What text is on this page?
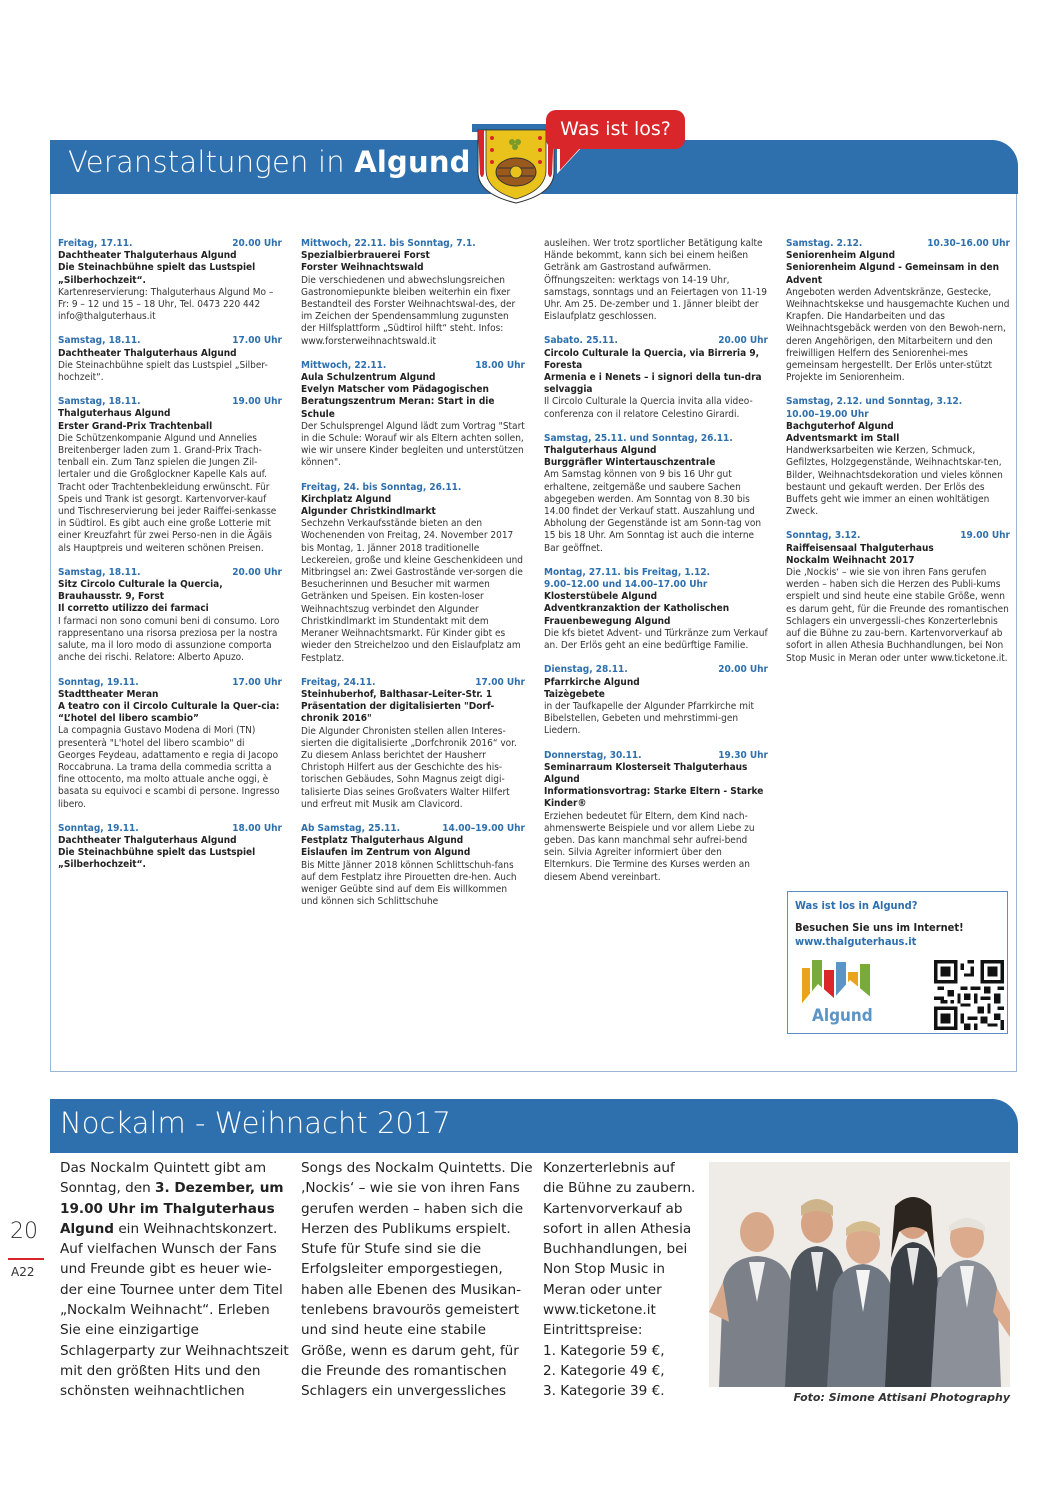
Veranstaltungen in Algund
Was ist los?
Freitag, 17.11.	20.00 Uhr
Dachtheater Thalguterhaus Algund
Die Steinachbühne spielt das Lustspiel „Silberhochzeit“.
Kartenreservierung: Thalguterhaus Algund Mo – Fr: 9 – 12 und 15 – 18 Uhr, Tel. 0473 220 442 info@thalguterhaus.it
Samstag, 18.11.	17.00 Uhr
Dachtheater Thalguterhaus Algund
Die Steinachbühne spielt das Lustspiel „Silber-hochzeit“.
Samstag, 18.11.	19.00 Uhr
Thalguterhaus Algund
Erster Grand-Prix Trachtenball
Die Schützenkompanie Algund und Annelies Breitenberger laden zum 1. Grand-Prix Trach-tenball ein. Zum Tanz spielen die Jungen Zil-lertaler und die Großglockner Kapelle Kals auf. Tracht oder Trachtenbekleidung erwünscht. Für Speis und Trank ist gesorgt. Kartenvorver-kauf und Tischreservierung bei jeder Raiffei-senkasse in Südtirol. Es gibt auch eine große Lotterie mit einer Kreuzfahrt für zwei Perso-nen in die Ägäis als Hauptpreis und weiteren schönen Preisen.
Samstag, 18.11.	20.00 Uhr
Sitz Circolo Culturale la Quercia, Brauhausstr. 9, Forst
Il corretto utilizzo dei farmaci
I farmaci non sono comuni beni di consumo. Loro rappresentano una risorsa preziosa per la nostra salute, ma il loro modo di assunzione comporta anche dei rischi. Relatore: Alberto Apuzo.
Sonntag, 19.11.	17.00 Uhr
Stadttheater Meran
A teatro con il Circolo Culturale la Quer-cia: “L’hotel del libero scambio”
La compagnia Gustavo Modena di Mori (TN) presenterà "L'hotel del libero scambio" di Georges Feydeau, adattamento e regia di Jacopo Roccabruna. La trama della commedia scritta a fine ottocento, ma molto attuale anche oggi, è basata su equivoci e scambi di persone. Ingresso libero.
Sonntag, 19.11.	18.00 Uhr
Dachtheater Thalguterhaus Algund
Die Steinachbühne spielt das Lustspiel „Silberhochzeit“.
Mittwoch, 22.11. bis Sonntag, 7.1.
Spezialbierbrauerei Forst
Forster Weihnachtswald
Die verschiedenen und abwechslungsreichen Gastronomiepunkte bleiben weiterhin ein fixer Bestandteil des Forster Weihnachtswal-des, der im Zeichen der Spendensammlung zugunsten der Hilfsplattform „Südtirol hilft“ steht. Infos: www.forsterweihnachtswald.it
Mittwoch, 22.11.	18.00 Uhr
Aula Schulzentrum Algund
Evelyn Matscher vom Pädagogischen Beratungszentrum Meran: Start in die Schule
Der Schulsprengel Algund lädt zum Vortrag "Start in die Schule: Worauf wir als Eltern achten sollen, wie wir unsere Kinder begleiten und unterstützen können".
Freitag, 24. bis Sonntag, 26.11.
Kirchplatz Algund
Algunder Christkindlmarkt
Sechzehn Verkaufsstände bieten an den Wochenenden von Freitag, 24. November 2017 bis Montag, 1. Jänner 2018 traditionelle Leckereien, große und kleine Geschenkideen und Mitbringsel an: Zwei Gastrostände ver-sorgen die Besucherinnen und Besucher mit warmen Getränken und Speisen. Ein kosten-loser Weihnachtszug verbindet den Algunder Christkindlmarkt im Stundentakt mit dem Meraner Weihnachtsmarkt. Für Kinder gibt es wieder den Streichelzoo und den Eislaufplatz am Festplatz.
Freitag, 24.11.	17.00 Uhr
Steinhuberhof, Balthasar-Leiter-Str. 1
Präsentation der digitalisierten "Dorf-chronik 2016"
Die Algunder Chronisten stellen allen Interes-sierten die digitalisierte „Dorfchronik 2016“ vor. Zu diesem Anlass berichtet der Hausherr Christoph Hilfert aus der Geschichte des his-torischen Gebäudes, Sohn Magnus zeigt digi-talisierte Dias seines Großvaters Walter Hilfert und erfreut mit Musik am Clavicord.
Ab Samstag, 25.11.	14.00–19.00 Uhr
Festplatz Thalguterhaus Algund
Eislaufen im Zentrum von Algund
Bis Mitte Jänner 2018 können Schlittschuh-fans auf dem Festplatz ihre Pirouetten dre-hen. Auch weniger Geübte sind auf dem Eis willkommen und können sich Schlittschuhe
ausleihen. Wer trotz sportlicher Betätigung kalte Hände bekommt, kann sich bei einem heißen Getränk am Gastrostand aufwärmen. Öffnungszeiten: werktags von 14-19 Uhr, samstags, sonntags und an Feiertagen von 11-19 Uhr. Am 25. De-zember und 1. Jänner bleibt der Eislaufplatz geschlossen.
Sabato. 25.11.	20.00 Uhr
Circolo Culturale la Quercia, via Birreria 9, Foresta
Armenia e i Nenets – i signori della tun-dra selvaggia
Il Circolo Culturale la Quercia invita alla video-conferenza con il relatore Celestino Girardi.
Samstag, 25.11. und Sonntag, 26.11.
Thalguterhaus Algund
Burggräfler Wintertauschzentrale
Am Samstag können von 9 bis 16 Uhr gut erhaltene, zeitgemäße und saubere Sachen abgegeben werden. Am Sonntag von 8.30 bis 14.00 findet der Verkauf statt. Auszahlung und Abholung der Gegenstände ist am Sonn-tag von 15 bis 18 Uhr. Am Sonntag ist auch die interne Bar geöffnet.
Montag, 27.11. bis Freitag, 1.12.
9.00–12.00 und 14.00–17.00 Uhr
Klosterstübele Algund
Adventkranzaktion der Katholischen Frauenbewegung Algund
Die kfs bietet Advent- und Türkränze zum Verkauf an. Der Erlös geht an eine bedürftige Familie.
Dienstag, 28.11.	20.00 Uhr
Pfarrkirche Algund
Taizègebete
in der Taufkapelle der Algunder Pfarrkirche mit Bibelstellen, Gebeten und mehrstimmi-gen Liedern.
Donnerstag, 30.11.	19.30 Uhr
Seminarraum Klosterseit Thalguterhaus Algund
Informationsvortrag: Starke Eltern - Starke Kinder®
Erziehen bedeutet für Eltern, dem Kind nach-ahmenswerte Beispiele und vor allem Liebe zu geben. Das kann manchmal sehr aufrei-bend sein. Silvia Agreiter informiert über den Elternkurs. Die Termine des Kurses werden an diesem Abend vereinbart.
Samstag. 2.12.	10.30–16.00 Uhr
Seniorenheim Algund
Seniorenheim Algund - Gemeinsam in den Advent
Angeboten werden Adventskränze, Gestecke, Weihnachtskekse und hausgemachte Kuchen und Krapfen. Die Handarbeiten und das Weihnachtsgebäck werden von den Bewoh-nern, deren Angehörigen, den Mitarbeitern und den freiwilligen Helfern des Seniorenhei-mes gemeinsam hergestellt. Der Erlös unter-stützt Projekte im Seniorenheim.
Samstag, 2.12. und Sonntag, 3.12.
10.00–19.00 Uhr
Bachguterhof Algund
Adventsmarkt im Stall
Handwerksarbeiten wie Kerzen, Schmuck, Gefilztes, Holzgegenstände, Weihnachtskar-ten, Bilder, Weihnachtsdekoration und vieles können bestaunt und gekauft werden. Der Erlös des Buffets geht wie immer an einen wohltätigen Zweck.
Sonntag, 3.12.	19.00 Uhr
Raiffeisensaal Thalguterhaus
Nockalm Weihnacht 2017
Die ‚Nockis‘ – wie sie von ihren Fans gerufen werden – haben sich die Herzen des Publi-kums erspielt und sind heute eine stabile Größe, wenn es darum geht, für die Freunde des romantischen Schlagers ein unvergessli-ches Konzerterlebnis auf die Bühne zu zau-bern. Kartenvorverkauf ab sofort in allen Athesia Buchhandlungen, bei Non Stop Music in Meran oder unter www.ticketone.it.
Was ist los in Algund?
Besuchen Sie uns im Internet!
www.thalguterhaus.it
Algund
Nockalm - Weihnacht 2017
Das Nockalm Quintett gibt am Sonntag, den 3. Dezember, um 19.00 Uhr im Thalguterhaus Algund ein Weihnachtskonzert. Auf vielfachen Wunsch der Fans und Freunde gibt es heuer wie-der eine Tournee unter dem Titel „Nockalm Weihnacht“. Erleben Sie eine einzigartige Schlagerparty zur Weihnachtszeit mit den größten Hits und den schönsten weihnachtlichen
Songs des Nockalm Quintetts. Die ‚Nockis‘ – wie sie von ihren Fans gerufen werden – haben sich die Herzen des Publikums erspielt. Stufe für Stufe sind sie die Erfolgsleiter emporgestiegen, haben alle Ebenen des Musikan-tenlebens bravourös gemeistert und sind heute eine stabile Größe, wenn es darum geht, für die Freunde des romantischen Schlagers ein unvergessliches
Konzerterlebnis auf
die Bühne zu zaubern.
Kartenvorverkauf ab
sofort in allen Athesia
Buchhandlungen, bei
Non Stop Music in
Meran oder unter
www.ticketone.it
Eintrittspreise:
1. Kategorie 59 €,
2. Kategorie 49 €,
3. Kategorie 39 €.	Foto: Simone Attisani Photography
20
A22
